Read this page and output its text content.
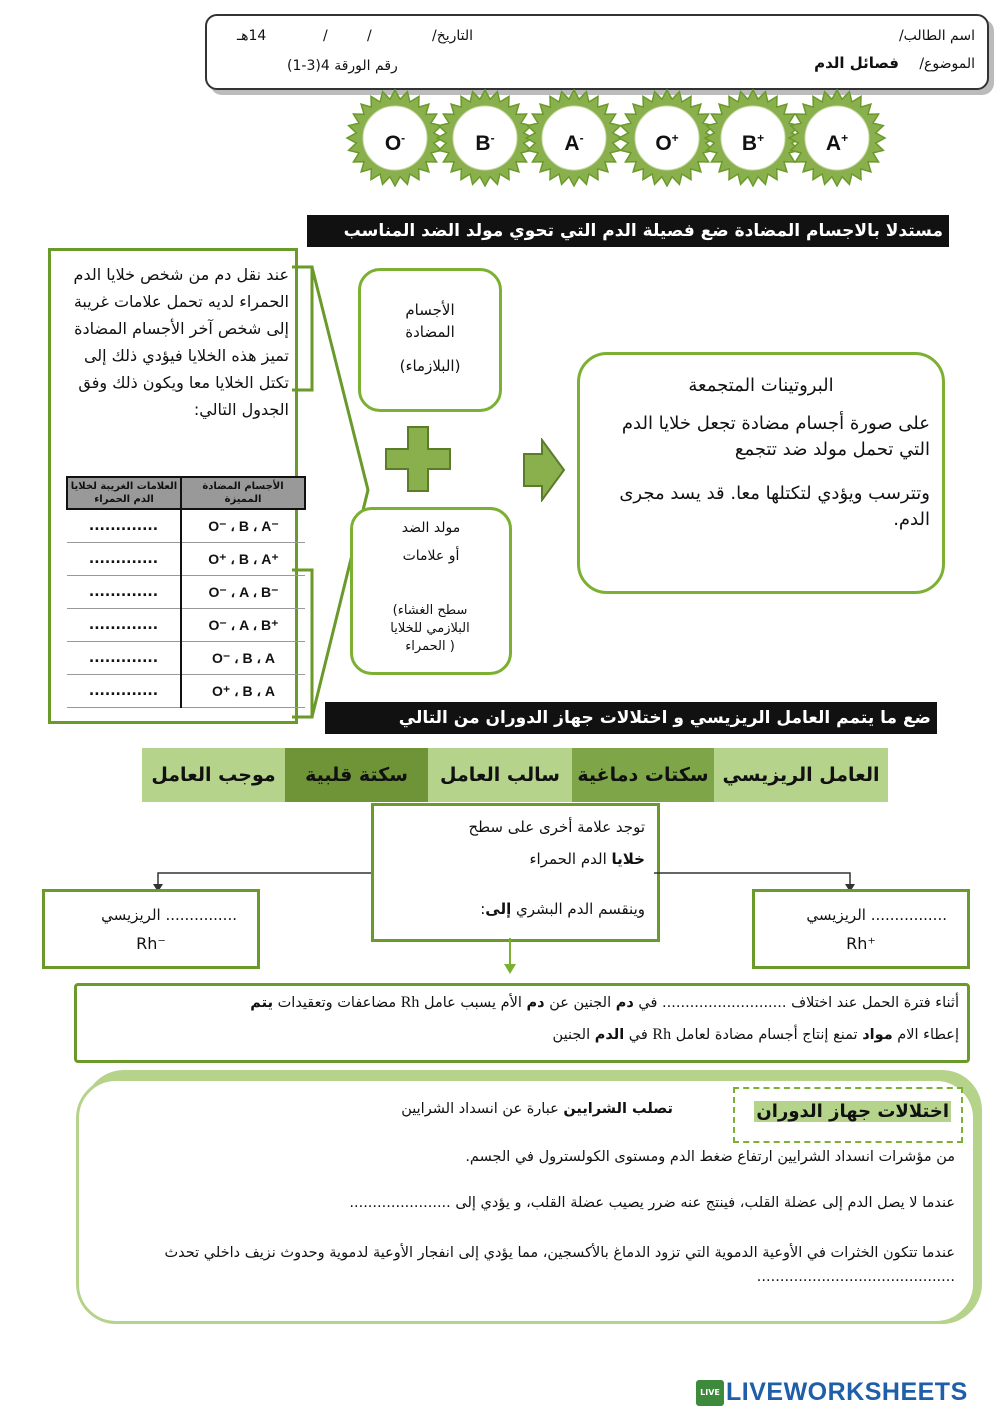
اسم الطالب/
التاريخ/
/
/
14هـ
الموضوع/
فصائل الدم
رقم الورقة 4(3-1)
O-	B-	A-	O+	B+	A+
مستدلا بالاجسام المضادة ضع فصيلة الدم التي تحوي مولد الضد المناسب
عند نقل دم من شخص خلايا الدم الحمراء لديه تحمل علامات غريبة إلى شخص آخر الأجسام المضادة تميز هذه الخلايا فيؤدي ذلك إلى تكتل الخلايا معا ويكون ذلك وفق الجدول التالي:
الأجسام المضادة المميزة	العلامات الغريبة لخلايا الدم الحمراء
O⁻ ، B ، A⁻	.............
O⁺ ، B ، A⁺	.............
O⁻ ، A ، B⁻	.............
O⁻ ، A ، B⁺	.............
O⁻ ، B ، A	.............
O⁺ ، B ، A	.............
الأجسام المضادة
(البلازماء)
مولد الضد
أو علامات
(سطح الغشاء البلازمي للخلايا الحمراء )
البروتينات المتجمعة
على صورة أجسام مضادة تجعل خلايا الدم التي تحمل مولد ضد تتجمع
وتترسب ويؤدي لتكتلها معا. قد يسد مجرى الدم.
ضع ما يتمم العامل الريزيسي و اختلالات جهاز الدوران من التالي
العامل الريزيسي
سكتات دماغية
سالب العامل
سكتة قلبية
موجب العامل
توجد علامة أخرى على سطح
خلايا الدم الحمراء
وينقسم الدم البشري إلى:
............... الريزيسي
Rh⁻
................ الريزيسي
Rh⁺
أثناء فترة الحمل عند اختلاف ........................... في دم الجنين عن دم الأم يسبب عامل Rh مضاعفات وتعقيدات يتم
إعطاء الام مواد تمنع إنتاج أجسام مضادة لعامل Rh في الدم الجنين
اختلالات جهاز الدوران
تصلب الشرايين عبارة عن انسداد الشرايين
من مؤشرات انسداد الشرايين ارتفاع ضغط الدم ومستوى الكولسترول في الجسم.
عندما لا يصل الدم إلى عضلة القلب، فينتج عنه ضرر يصيب عضلة القلب، و يؤدي إلى ......................
عندما تتكون الخثرات في الأوعية الدموية التي تزود الدماغ بالأكسجين، مما يؤدي إلى انفجار الأوعية لدموية وحدوث نزيف داخلي تحدث ...........................................
LIVE LIVEWORKSHEETS
